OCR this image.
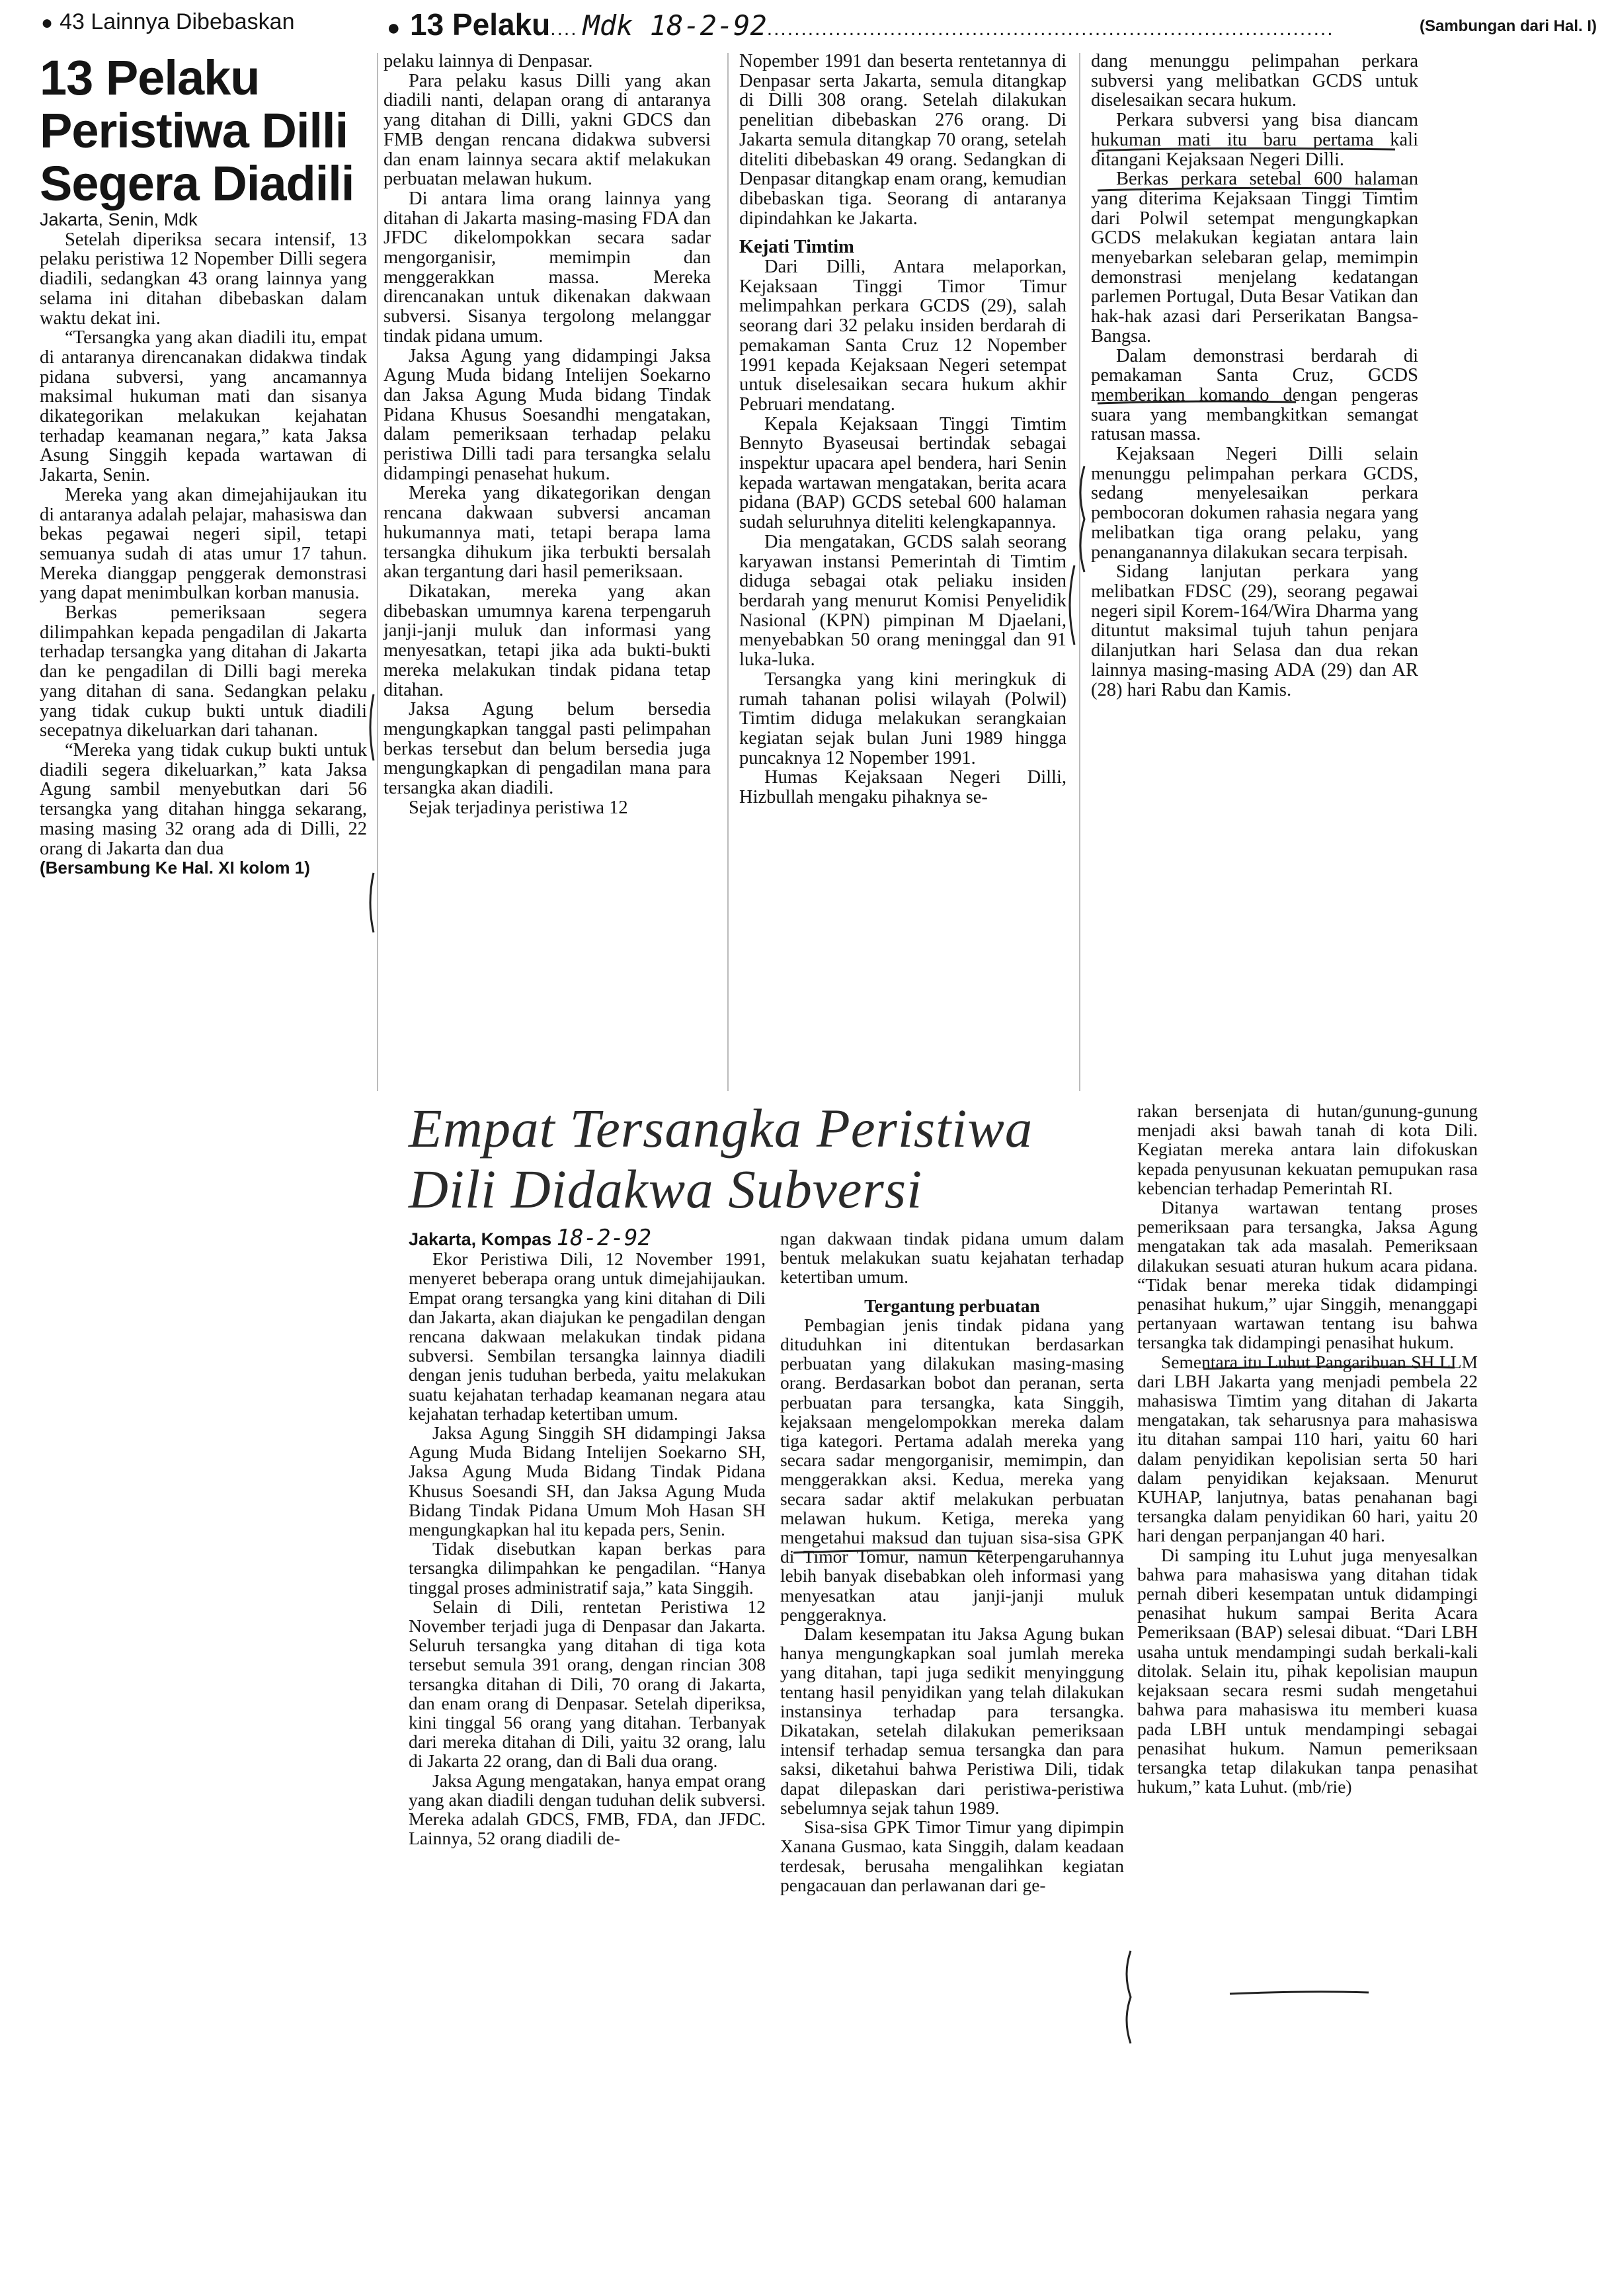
● 43 Lainnya Dibebaskan	● 13 Pelaku.... Mdk 18-2-92...................................................................................	(Sambungan dari Hal. I)
13 Pelaku Peristiwa Dilli Segera Diadili
Jakarta, Senin, Mdk

Setelah diperiksa secara intensif, 13 pelaku peristiwa 12 Nopember Dilli segera diadili, sedangkan 43 orang lainnya yang selama ini ditahan dibebaskan dalam waktu dekat ini.

“Tersangka yang akan diadili itu, empat di antaranya direncanakan didakwa tindak pidana subversi, yang ancamannya maksimal hukuman mati dan sisanya dikategorikan melakukan kejahatan terhadap keamanan negara,” kata Jaksa Asung Singgih kepada wartawan di Jakarta, Senin.

Mereka yang akan dimejahijaukan itu di antaranya adalah pelajar, mahasiswa dan bekas pegawai negeri sipil, tetapi semuanya sudah di atas umur 17 tahun. Mereka dianggap penggerak demonstrasi yang dapat menimbulkan korban manusia.

Berkas pemeriksaan segera dilimpahkan kepada pengadilan di Jakarta terhadap tersangka yang ditahan di Jakarta dan ke pengadilan di Dilli bagi mereka yang ditahan di sana. Sedangkan pelaku yang tidak cukup bukti untuk diadili secepatnya dikeluarkan dari tahanan.

“Mereka yang tidak cukup bukti untuk diadili segera dikeluarkan,” kata Jaksa Agung sambil menyebutkan dari 56 tersangka yang ditahan hingga sekarang, masing masing 32 orang ada di Dilli, 22 orang di Jakarta dan dua

(Bersambung Ke Hal. XI kolom 1)

pelaku lainnya di Denpasar.

Para pelaku kasus Dilli yang akan diadili nanti, delapan orang di antaranya yang ditahan di Dilli, yakni GDCS dan FMB dengan rencana didakwa subversi dan enam lainnya secara aktif melakukan perbuatan melawan hukum.

Di antara lima orang lainnya yang ditahan di Jakarta masing-masing FDA dan JFDC dikelompokkan secara sadar mengorganisir, memimpin dan menggerakkan massa. Mereka direncanakan untuk dikenakan dakwaan subversi. Sisanya tergolong melanggar tindak pidana umum.

Jaksa Agung yang didampingi Jaksa Agung Muda bidang Intelijen Soekarno dan Jaksa Agung Muda bidang Tindak Pidana Khusus Soesandhi mengatakan, dalam pemeriksaan terhadap pelaku peristiwa Dilli tadi para tersangka selalu didampingi penasehat hukum.

Mereka yang dikategorikan dengan rencana dakwaan subversi ancaman hukumannya mati, tetapi berapa lama tersangka dihukum jika terbukti bersalah akan tergantung dari hasil pemeriksaan.

Dikatakan, mereka yang akan dibebaskan umumnya karena terpengaruh janji-janji muluk dan informasi yang menyesatkan, tetapi jika ada bukti-bukti mereka melakukan tindak pidana tetap ditahan.

Jaksa Agung belum bersedia mengungkapkan tanggal pasti pelimpahan berkas tersebut dan belum bersedia juga mengungkapkan di pengadilan mana para tersangka akan diadili.

Sejak terjadinya peristiwa 12

Nopember 1991 dan beserta rentetannya di Denpasar serta Jakarta, semula ditangkap di Dilli 308 orang. Setelah dilakukan penelitian dibebaskan 276 orang. Di Jakarta semula ditangkap 70 orang, setelah diteliti dibebaskan 49 orang. Sedangkan di Denpasar ditangkap enam orang, kemudian dibebaskan tiga. Seorang di antaranya dipindahkan ke Jakarta.

Kejati Timtim

Dari Dilli, Antara melaporkan, Kejaksaan Tinggi Timor Timur melimpahkan perkara GCDS (29), salah seorang dari 32 pelaku insiden berdarah di pemakaman Santa Cruz 12 Nopember 1991 kepada Kejaksaan Negeri setempat untuk diselesaikan secara hukum akhir Pebruari mendatang.

Kepala Kejaksaan Tinggi Timtim Bennyto Byaseusai bertindak sebagai inspektur upacara apel bendera, hari Senin kepada wartawan mengatakan, berita acara pidana (BAP) GCDS setebal 600 halaman sudah seluruhnya diteliti kelengkapannya.

Dia mengatakan, GCDS salah seorang karyawan instansi Pemerintah di Timtim diduga sebagai otak peliaku insiden berdarah yang menurut Komisi Penyelidik Nasional (KPN) pimpinan M Djaelani, menyebabkan 50 orang meninggal dan 91 luka-luka.

Tersangka yang kini meringkuk di rumah tahanan polisi wilayah (Polwil) Timtim diduga melakukan serangkaian kegiatan sejak bulan Juni 1989 hingga puncaknya 12 Nopember 1991.

Humas Kejaksaan Negeri Dilli, Hizbullah mengaku pihaknya se-

dang menunggu pelimpahan perkara subversi yang melibatkan GCDS untuk diselesaikan secara hukum.

Perkara subversi yang bisa diancam hukuman mati itu baru pertama kali ditangani Kejaksaan Negeri Dilli.

Berkas perkara setebal 600 halaman yang diterima Kejaksaan Tinggi Timtim dari Polwil setempat mengungkapkan GCDS melakukan kegiatan antara lain menyebarkan selebaran gelap, memimpin demonstrasi menjelang kedatangan parlemen Portugal, Duta Besar Vatikan dan hak-hak azasi dari Perserikatan Bangsa-Bangsa.

Dalam demonstrasi berdarah di pemakaman Santa Cruz, GCDS memberikan komando dengan pengeras suara yang membangkitkan semangat ratusan massa.

Kejaksaan Negeri Dilli selain menunggu pelimpahan perkara GCDS, sedang menyelesaikan perkara pembocoran dokumen rahasia negara yang melibatkan tiga orang pelaku, yang penanganannya dilakukan secara terpisah.

Sidang lanjutan perkara yang melibatkan FDSC (29), seorang pegawai negeri sipil Korem-164/Wira Dharma yang dituntut maksimal tujuh tahun penjara dilanjutkan hari Selasa dan dua rekan lainnya masing-masing ADA (29) dan AR (28) hari Rabu dan Kamis.

Empat Tersangka Peristiwa Dili Didakwa Subversi
Jakarta, Kompas 18-2-92

Ekor Peristiwa Dili, 12 November 1991, menyeret beberapa orang untuk dimejahijaukan. Empat orang tersangka yang kini ditahan di Dili dan Jakarta, akan diajukan ke pengadilan dengan rencana dakwaan melakukan tindak pidana subversi. Sembilan tersangka lainnya diadili dengan jenis tuduhan berbeda, yaitu melakukan suatu kejahatan terhadap keamanan negara atau kejahatan terhadap ketertiban umum.

Jaksa Agung Singgih SH didampingi Jaksa Agung Muda Bidang Intelijen Soekarno SH, Jaksa Agung Muda Bidang Tindak Pidana Khusus Soesandi SH, dan Jaksa Agung Muda Bidang Tindak Pidana Umum Moh Hasan SH mengungkapkan hal itu kepada pers, Senin.

Tidak disebutkan kapan berkas para tersangka dilimpahkan ke pengadilan. “Hanya tinggal proses administratif saja,” kata Singgih.

Selain di Dili, rentetan Peristiwa 12 November terjadi juga di Denpasar dan Jakarta. Seluruh tersangka yang ditahan di tiga kota tersebut semula 391 orang, dengan rincian 308 tersangka ditahan di Dili, 70 orang di Jakarta, dan enam orang di Denpasar. Setelah diperiksa, kini tinggal 56 orang yang ditahan. Terbanyak dari mereka ditahan di Dili, yaitu 32 orang, lalu di Jakarta 22 orang, dan di Bali dua orang.

Jaksa Agung mengatakan, hanya empat orang yang akan diadili dengan tuduhan delik subversi. Mereka adalah GDCS, FMB, FDA, dan JFDC. Lainnya, 52 orang diadili de-

ngan dakwaan tindak pidana umum dalam bentuk melakukan suatu kejahatan terhadap ketertiban umum.

Tergantung perbuatan

Pembagian jenis tindak pidana yang dituduhkan ini ditentukan berdasarkan perbuatan yang dilakukan masing-masing orang. Berdasarkan bobot dan peranan, serta perbuatan para tersangka, kata Singgih, kejaksaan mengelompokkan mereka dalam tiga kategori. Pertama adalah mereka yang secara sadar mengorganisir, memimpin, dan menggerakkan aksi. Kedua, mereka yang secara sadar aktif melakukan perbuatan melawan hukum. Ketiga, mereka yang mengetahui maksud dan tujuan sisa-sisa GPK di Timor Tomur, namun keterpengaruhannya lebih banyak disebabkan oleh informasi yang menyesatkan atau janji-janji muluk penggeraknya.

Dalam kesempatan itu Jaksa Agung bukan hanya mengungkapkan soal jumlah mereka yang ditahan, tapi juga sedikit menyinggung tentang hasil penyidikan yang telah dilakukan instansinya terhadap para tersangka. Dikatakan, setelah dilakukan pemeriksaan intensif terhadap semua tersangka dan para saksi, diketahui bahwa Peristiwa Dili, tidak dapat dilepaskan dari peristiwa-peristiwa sebelumnya sejak tahun 1989.

Sisa-sisa GPK Timor Timur yang dipimpin Xanana Gusmao, kata Singgih, dalam keadaan terdesak, berusaha mengalihkan kegiatan pengacauan dan perlawanan dari ge-

rakan bersenjata di hutan/gunung-gunung menjadi aksi bawah tanah di kota Dili. Kegiatan mereka antara lain difokuskan kepada penyusunan kekuatan pemupukan rasa kebencian terhadap Pemerintah RI.

Ditanya wartawan tentang proses pemeriksaan para tersangka, Jaksa Agung mengatakan tak ada masalah. Pemeriksaan dilakukan sesuati aturan hukum acara pidana. “Tidak benar mereka tidak didampingi penasihat hukum,” ujar Singgih, menanggapi pertanyaan wartawan tentang isu bahwa tersangka tak didampingi penasihat hukum.

Sementara itu Luhut Pangaribuan SH LLM dari LBH Jakarta yang menjadi pembela 22 mahasiswa Timtim yang ditahan di Jakarta mengatakan, tak seharusnya para mahasiswa itu ditahan sampai 110 hari, yaitu 60 hari dalam penyidikan kepolisian serta 50 hari dalam penyidikan kejaksaan. Menurut KUHAP, lanjutnya, batas penahanan bagi tersangka dalam penyidikan 60 hari, yaitu 20 hari dengan perpanjangan 40 hari.

Di samping itu Luhut juga menyesalkan bahwa para mahasiswa yang ditahan tidak pernah diberi kesempatan untuk didampingi penasihat hukum sampai Berita Acara Pemeriksaan (BAP) selesai dibuat. “Dari LBH usaha untuk mendampingi sudah berkali-kali ditolak. Selain itu, pihak kepolisian maupun kejaksaan secara resmi sudah mengetahui bahwa para mahasiswa itu memberi kuasa pada LBH untuk mendampingi sebagai penasihat hukum. Namun pemeriksaan tersangka tetap dilakukan tanpa penasihat hukum,” kata Luhut. (mb/rie)
